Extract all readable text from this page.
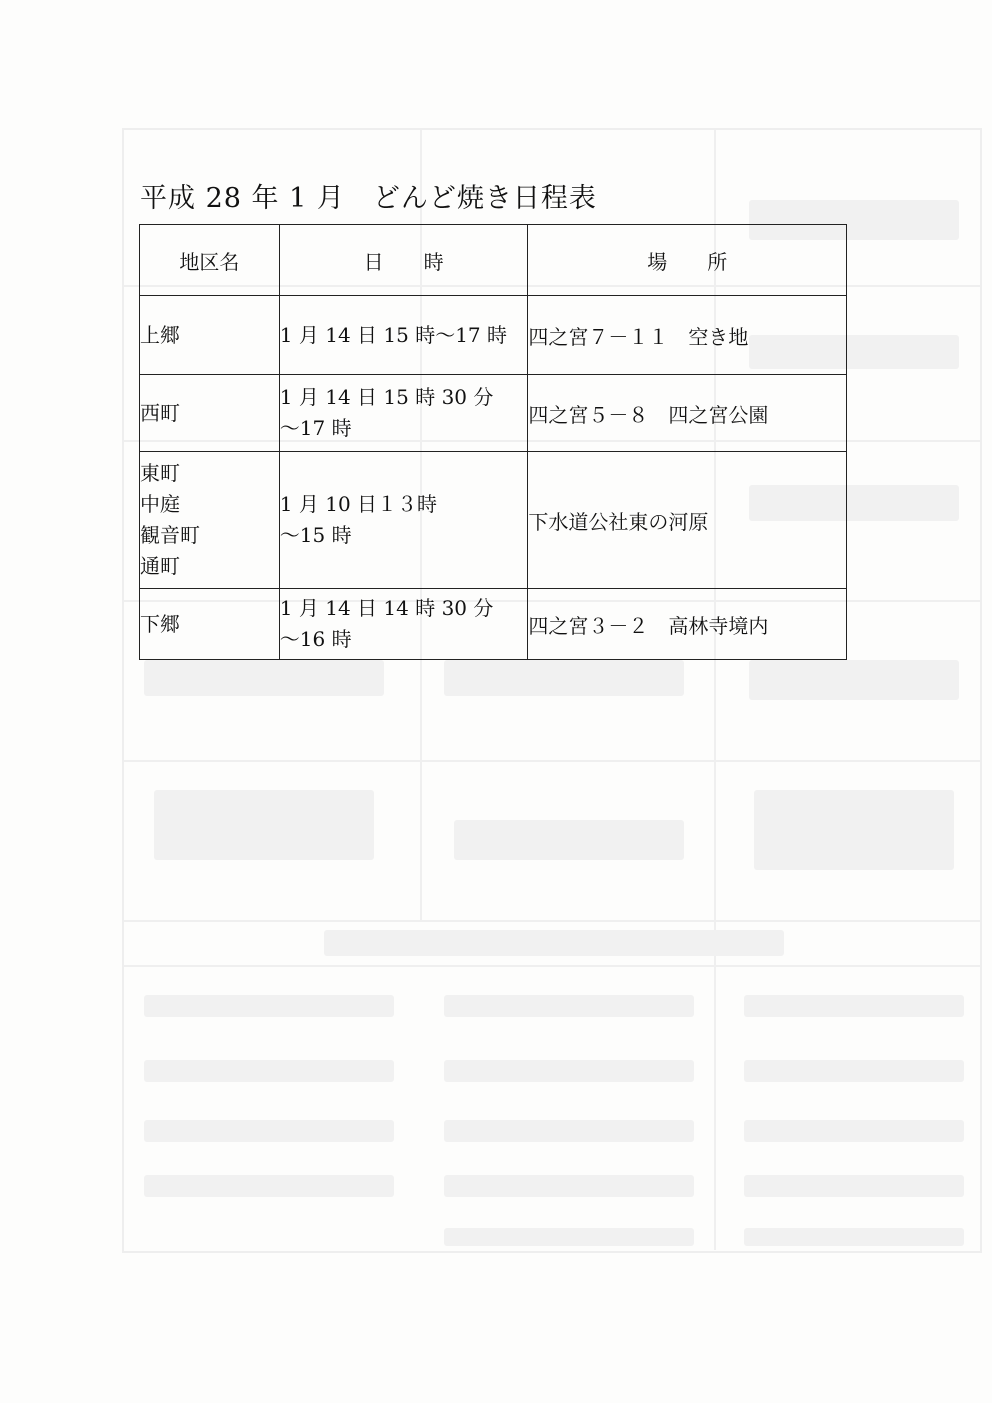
平成 28 年 1 月　どんど焼き日程表
地区名	日　　時	場　　所

上郷	1 月 14 日 15 時～17 時	四之宮７－１１　空き地

西町	1 月 14 日 15 時 30 分
～17 時	四之宮５－８　四之宮公園

東町
中庭
観音町
通町	1 月 10 日１３時
～15 時	下水道公社東の河原

下郷	1 月 14 日 14 時 30 分
～16 時	四之宮３－２　高林寺境内
